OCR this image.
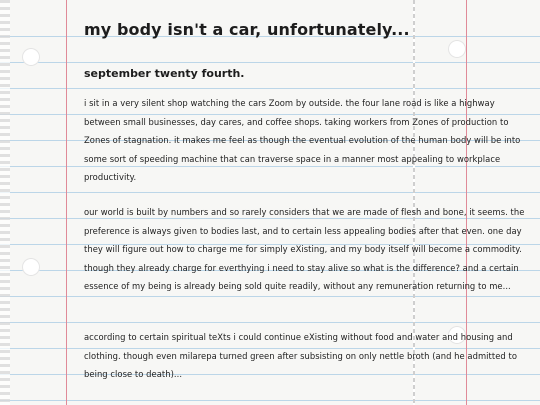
my body isn't a car, unfortunately...
september twenty fourth.

i sit in a very silent shop watching the cars Zoom by outside. the four lane road is like a highway between small businesses, day cares, and coffee shops. taking workers from Zones of production to Zones of stagnation. it makes me feel as though the eventual evolution of the human body will be into some sort of speeding machine that can traverse space in a manner most appealing to workplace productivity.

our world is built by numbers and so rarely considers that we are made of flesh and bone, it seems. the preference is always given to bodies last, and to certain less appealing bodies after that even. one day they will figure out how to charge me for simply eXisting, and my body itself will become a commodity. though they already charge for everthying i need to stay alive so what is the difference? and a certain essence of my being is already being sold quite readily, without any remuneration returning to me...

according to certain spiritual teXts i could continue eXisting without food and water and housing and clothing. though even milarepa turned green after subsisting on only nettle broth (and he admitted to being close to death)...
